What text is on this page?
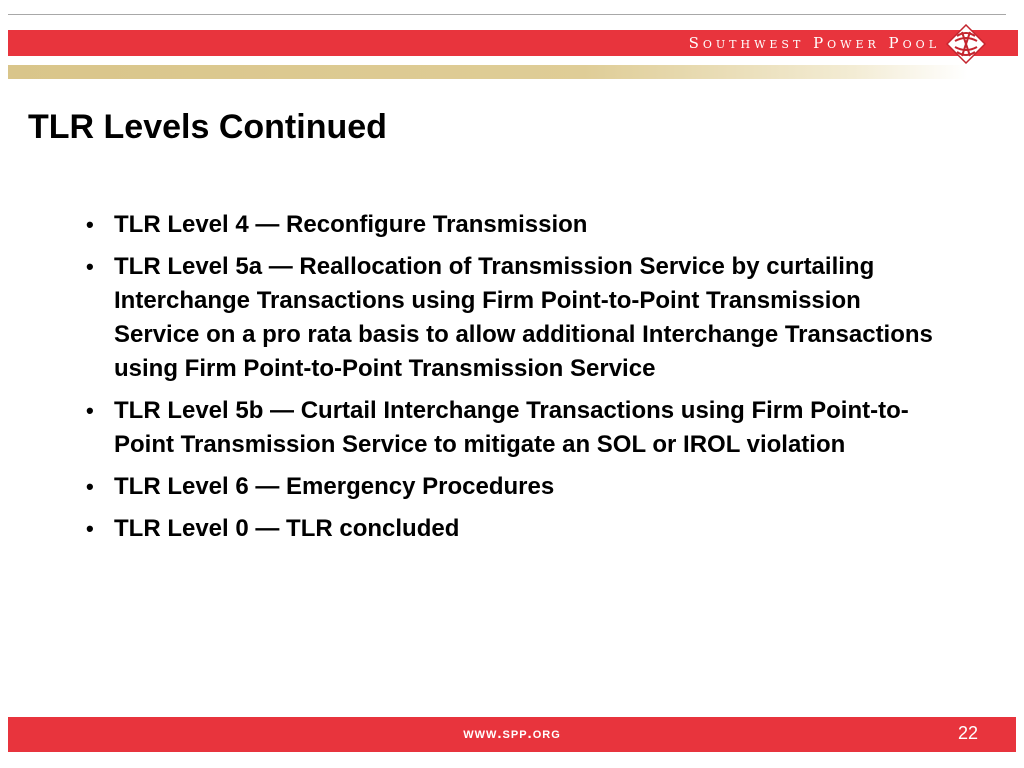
Southwest Power Pool
TLR Levels Continued
• TLR Level 4 — Reconfigure Transmission
• TLR Level 5a — Reallocation of Transmission Service by curtailing Interchange Transactions using Firm Point-to-Point Transmission Service on a pro rata basis to allow additional Interchange Transactions using Firm Point-to-Point Transmission Service
• TLR Level 5b — Curtail Interchange Transactions using Firm Point-to-Point Transmission Service to mitigate an SOL or IROL violation
• TLR Level 6 — Emergency Procedures
• TLR Level 0 — TLR concluded
www.spp.org	22
